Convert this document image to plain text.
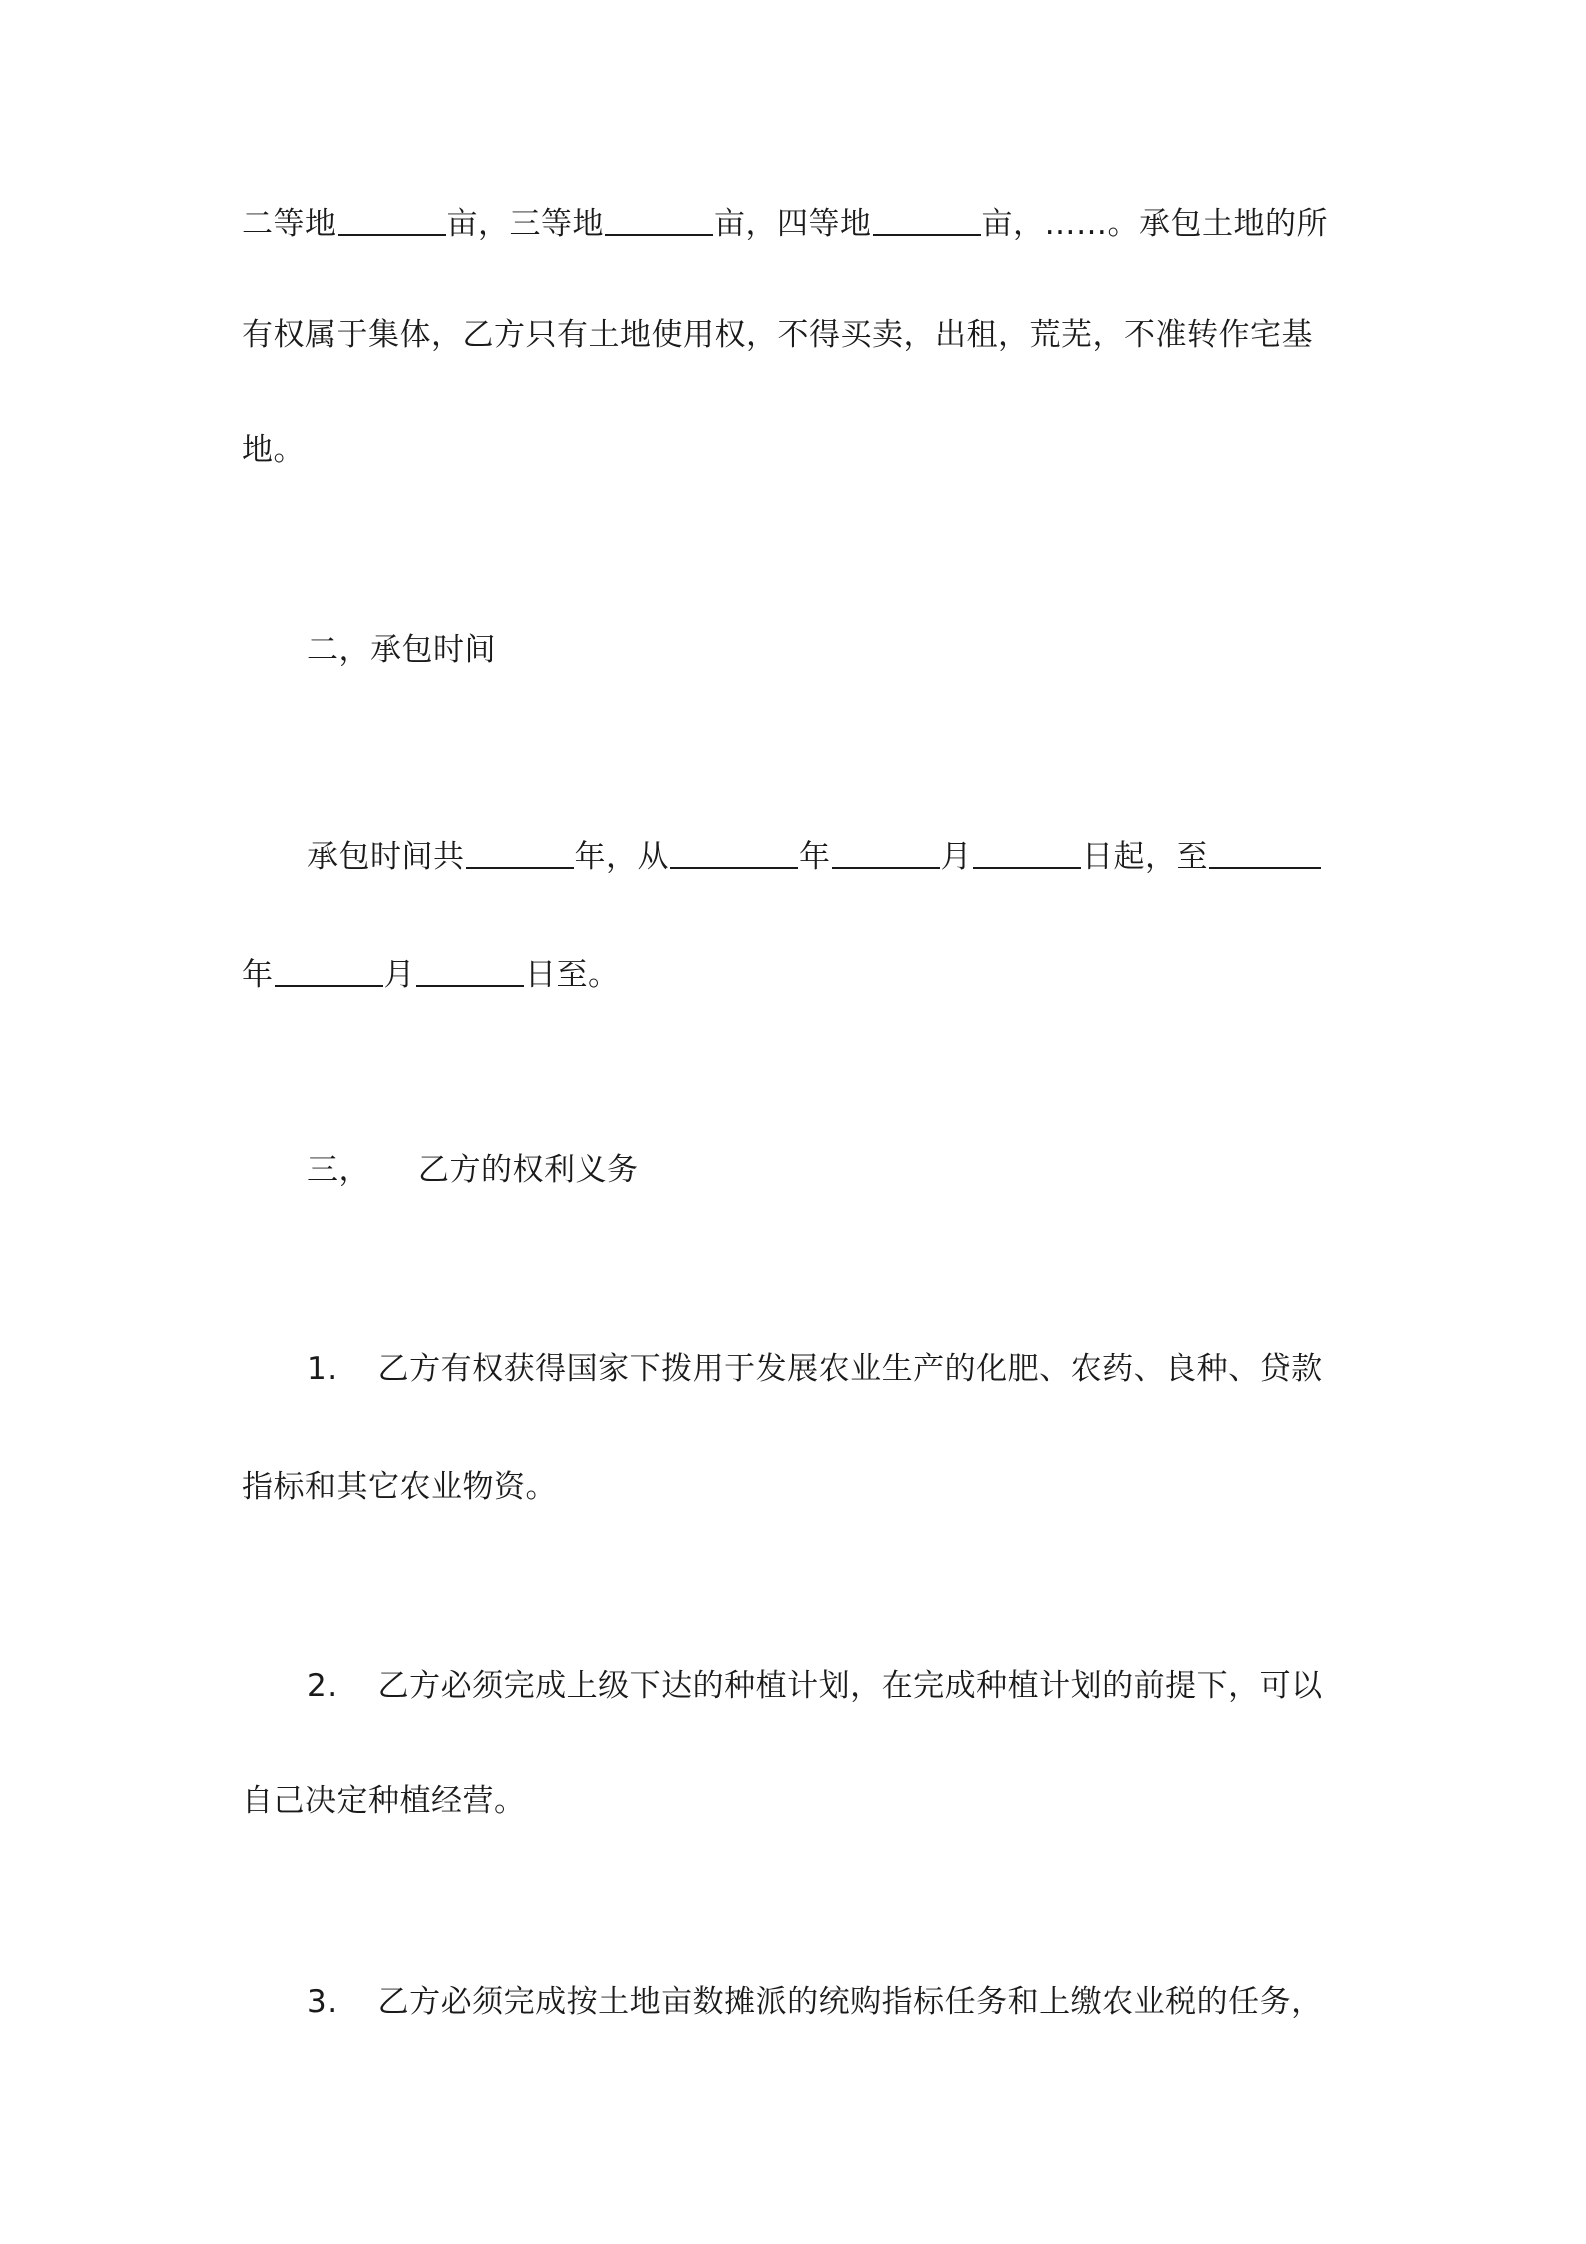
二等地	亩，三等地	亩，四等地	亩，……。承包土地的所
有权属于集体，乙方只有土地使用权，不得买卖，出租，荒芜，不准转作宅基
地。
二，承包时间
承包时间共	年，从	年	月	日起，至
年	月	日至。
三， 乙方的权利义务
1. 乙方有权获得国家下拨用于发展农业生产的化肥、农药、良种、贷款
指标和其它农业物资。
2. 乙方必须完成上级下达的种植计划，在完成种植计划的前提下，可以
自己决定种植经营。
3. 乙方必须完成按土地亩数摊派的统购指标任务和上缴农业税的任务，
